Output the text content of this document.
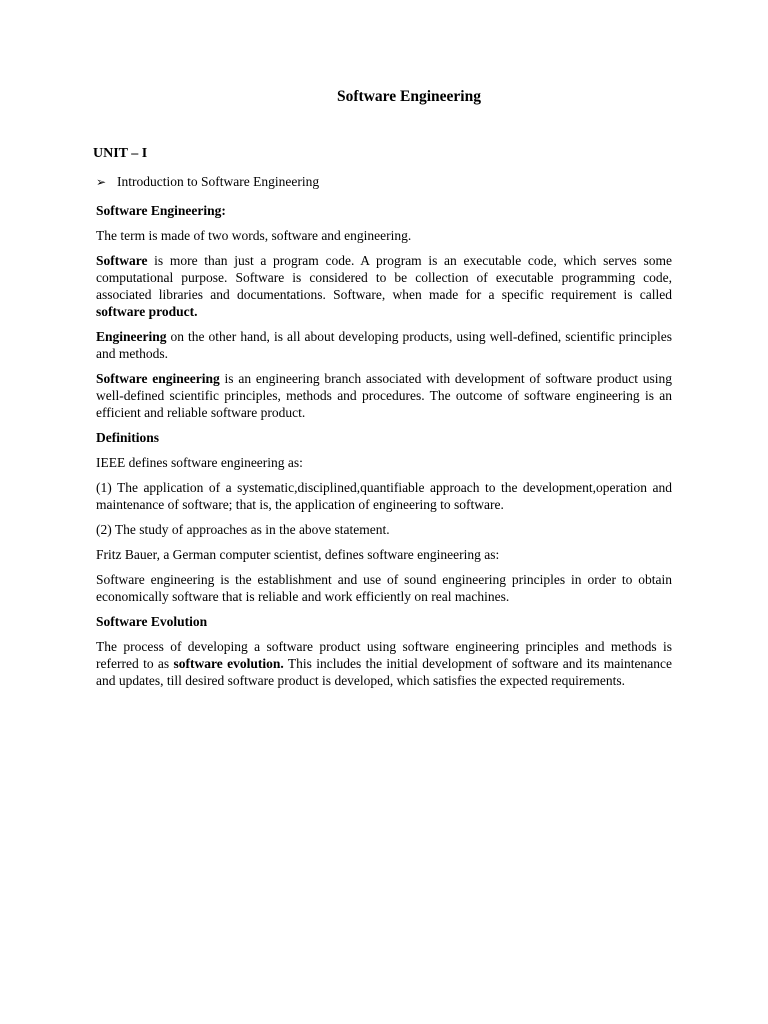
Software Engineering
UNIT – I
➢ Introduction to Software Engineering
Software Engineering:

The term is made of two words, software and engineering.

Software is more than just a program code. A program is an executable code, which serves some computational purpose. Software is considered to be collection of executable programming code, associated libraries and documentations. Software, when made for a specific requirement is called software product.

Engineering on the other hand, is all about developing products, using well-defined, scientific principles and methods.

Software engineering is an engineering branch associated with development of software product using well-defined scientific principles, methods and procedures. The outcome of software engineering is an efficient and reliable software product.

Definitions

IEEE defines software engineering as:

(1) The application of a systematic,disciplined,quantifiable approach to the development,operation and maintenance of software; that is, the application of engineering to software.

(2) The study of approaches as in the above statement.

Fritz Bauer, a German computer scientist, defines software engineering as:

Software engineering is the establishment and use of sound engineering principles in order to obtain economically software that is reliable and work efficiently on real machines.

Software Evolution

The process of developing a software product using software engineering principles and methods is referred to as software evolution. This includes the initial development of software and its maintenance and updates, till desired software product is developed, which satisfies the expected requirements.
